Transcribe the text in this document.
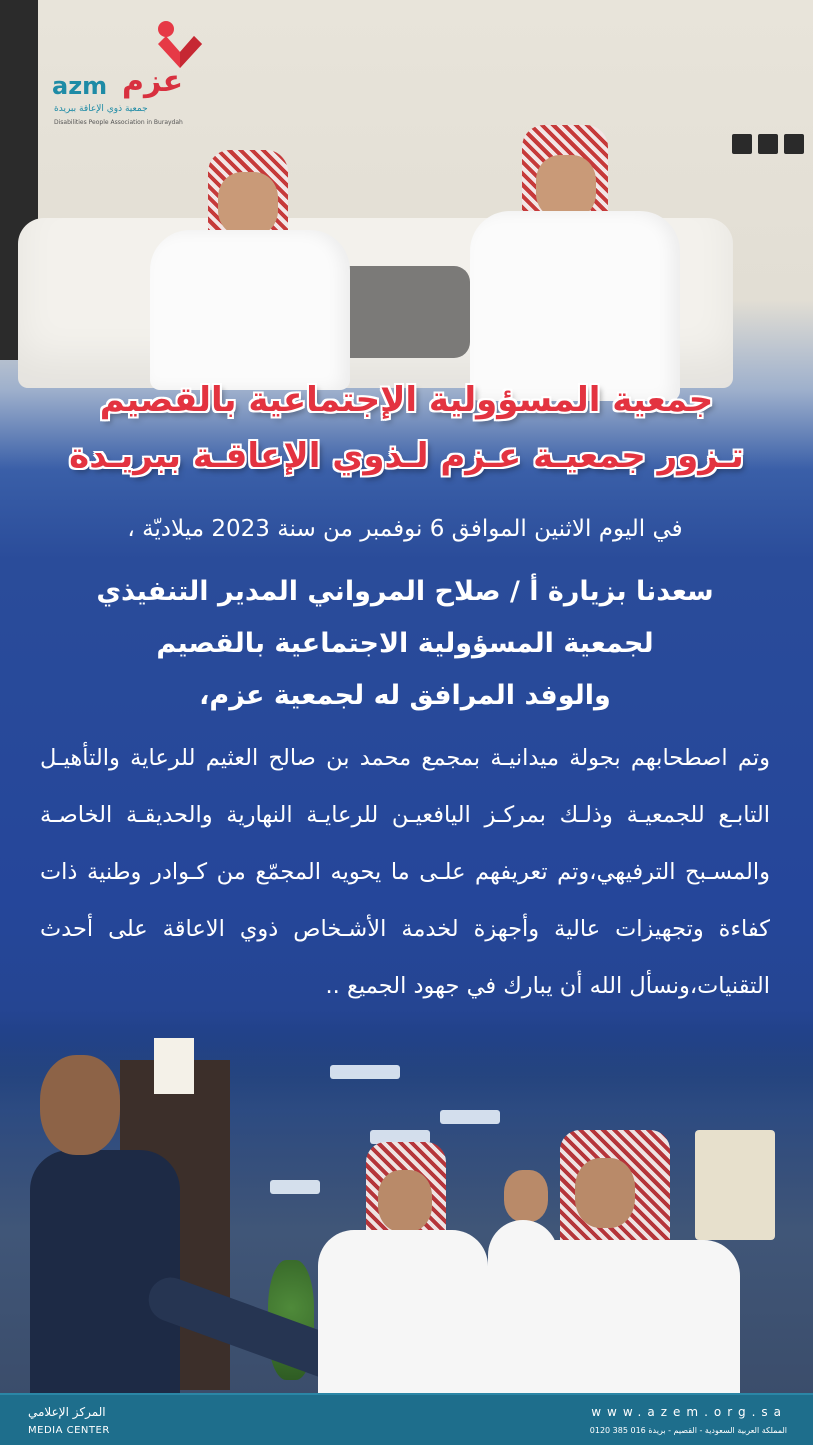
عزم
azm
جمعية ذوي الإعاقة ببريدة
Disabilities People Association in Buraydah
جمعية المسؤولية الإجتماعية بالقصيم
تـزور جمعيـة عـزم لـذوي الإعاقـة ببريـدة
في اليوم الاثنين الموافق 6 نوفمبر من سنة 2023 ميلاديّة ،
سعدنا بزيارة أ / صلاح المرواني المدير التنفيذي
لجمعية المسؤولية الاجتماعية بالقصيم
والوفد المرافق له لجمعية عزم،
وتم اصطحابهم بجولة ميدانيـة بمجمع محمد بن صالح العثيم للرعاية والتأهيـل التابـع للجمعيـة وذلـك بمركـز اليافعيـن للرعايـة النهارية والحديقـة الخاصـة والمسـبح الترفيهي،وتم تعريفهم علـى ما يحويه المجمّع من كـوادر وطنية ذات كفاءة وتجهيزات عالية وأجهزة لخدمة الأشـخاص ذوي الاعاقة على أحدث التقنيات،ونسأل الله أن يبارك في جهود الجميع ..
المركز الإعلامي
MEDIA CENTER
www.azem.org.sa
المملكة العربية السعودية - القصيم - بريدة 016 385 0120
